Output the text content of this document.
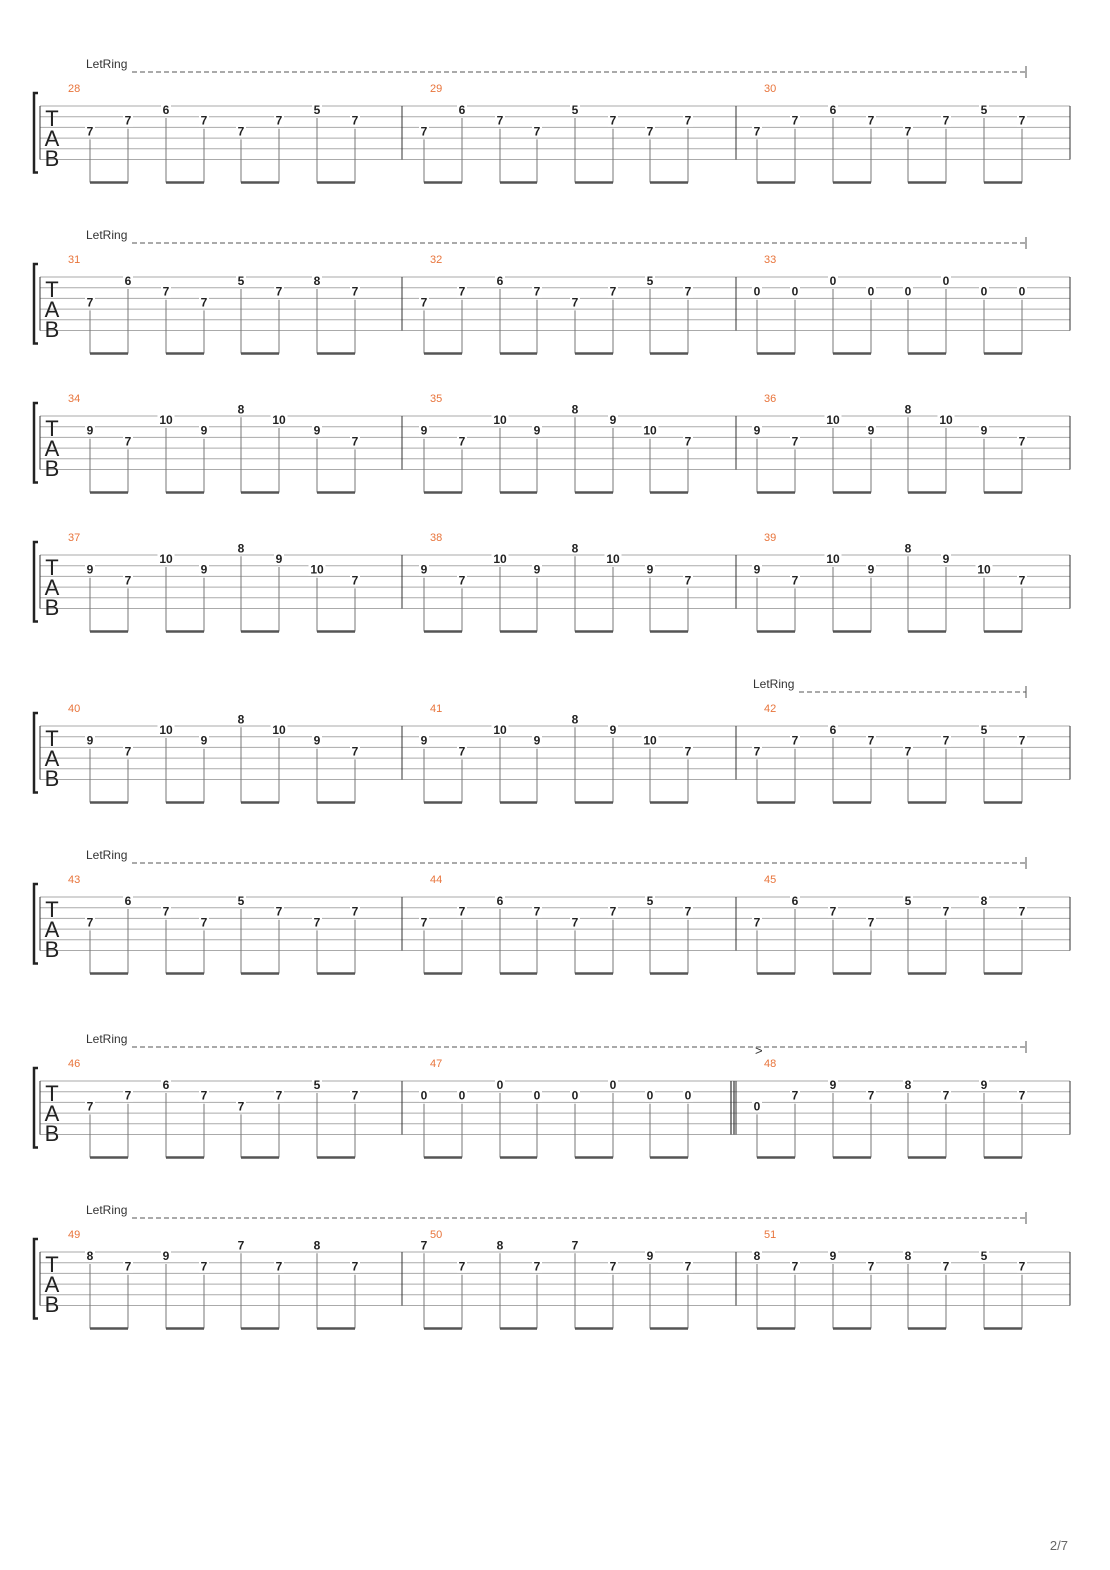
LetRing
T
A
B
28
7
7
6
7
7
7
5
7
29
7
6
7
7
5
7
7
7
30
7
7
6
7
7
7
5
7
LetRing
T
A
B
31
7
6
7
7
5
7
8
7
32
7
7
6
7
7
7
5
7
33
0	0
0
0	0
0
0	0
T
A
B
34
9
7
10
9
8
10
9
7
35
9
7
10
9
8
9
10
7
36
9
7
10
9
8
10
9
7
T
A
B
37
9
7
10
9
8
9
10
7
38
9
7
10
9
8
10
9
7
39
9
7
10
9
8
9
10
7
LetRing
T
A
B
40
9
7
10
9
8
10
9
7
41
9
7
10
9
8
9
10
7
42
7
7
6
7
7
7
5
7
LetRing
T
A
B
43
7
6
7
7
5
7
7
7
44
7
7
6
7
7
7
5
7
45
7
6
7
7
5
7
8
7
LetRing
>
T
A
B
46
7
7
6
7
7
7
5
7
47
0	0
0
0	0
0
0	0
48
0
7
9
7
8
7
9
7
LetRing
T
A
B
49
8
7
9
7
7
7
8
7
50
7
7
8
7
7
7
9
7
51
8
7
9
7
8
7
5
7
2/7
